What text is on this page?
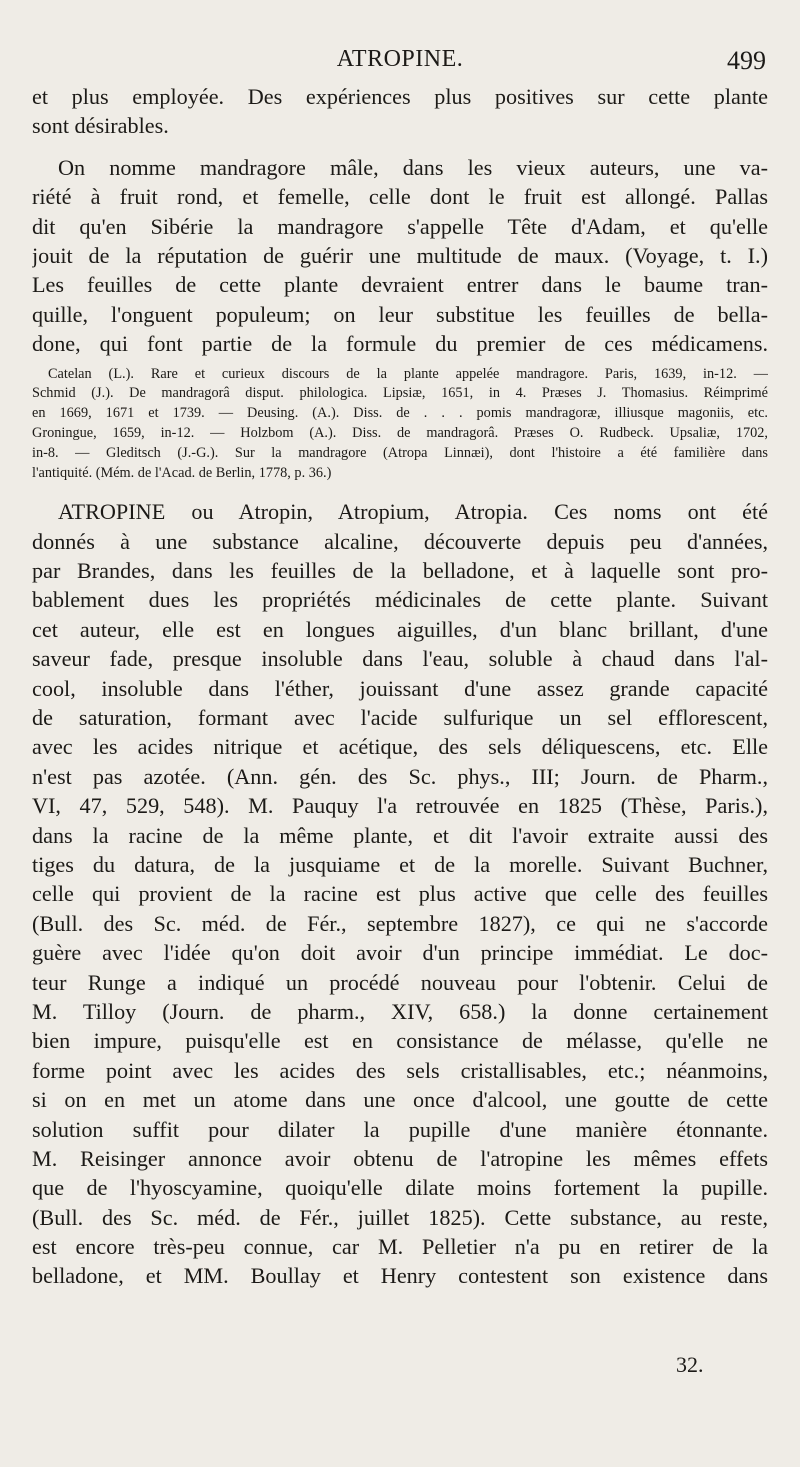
ATROPINE.	499
et plus employée. Des expériences plus positives sur cette plante
sont désirables.
On nomme mandragore mâle, dans les vieux auteurs, une va-
riété à fruit rond, et femelle, celle dont le fruit est allongé. Pallas
dit qu'en Sibérie la mandragore s'appelle Tête d'Adam, et qu'elle
jouit de la réputation de guérir une multitude de maux. (Voyage, t. I.)
Les feuilles de cette plante devraient entrer dans le baume tran-
quille, l'onguent populeum; on leur substitue les feuilles de bella-
done, qui font partie de la formule du premier de ces médicamens.
Catelan (L.). Rare et curieux discours de la plante appelée mandragore. Paris, 1639, in-12. —
Schmid (J.). De mandragorâ disput. philologica. Lipsiæ, 1651, in 4. Præses J. Thomasius. Réimprimé
en 1669, 1671 et 1739. — Deusing. (A.). Diss. de . . . pomis mandragoræ, illiusque magoniis, etc.
Groningue, 1659, in-12. — Holzbom (A.). Diss. de mandragorâ. Præses O. Rudbeck. Upsaliæ, 1702,
in-8. — Gleditsch (J.-G.). Sur la mandragore (Atropa Linnæi), dont l'histoire a été familière dans
l'antiquité. (Mém. de l'Acad. de Berlin, 1778, p. 36.)
ATROPINE ou Atropin, Atropium, Atropia. Ces noms ont été
donnés à une substance alcaline, découverte depuis peu d'années,
par Brandes, dans les feuilles de la belladone, et à laquelle sont pro-
bablement dues les propriétés médicinales de cette plante. Suivant
cet auteur, elle est en longues aiguilles, d'un blanc brillant, d'une
saveur fade, presque insoluble dans l'eau, soluble à chaud dans l'al-
cool, insoluble dans l'éther, jouissant d'une assez grande capacité
de saturation, formant avec l'acide sulfurique un sel efflorescent,
avec les acides nitrique et acétique, des sels déliquescens, etc. Elle
n'est pas azotée. (Ann. gén. des Sc. phys., III; Journ. de Pharm.,
VI, 47, 529, 548). M. Pauquy l'a retrouvée en 1825 (Thèse, Paris.),
dans la racine de la même plante, et dit l'avoir extraite aussi des
tiges du datura, de la jusquiame et de la morelle. Suivant Buchner,
celle qui provient de la racine est plus active que celle des feuilles
(Bull. des Sc. méd. de Fér., septembre 1827), ce qui ne s'accorde
guère avec l'idée qu'on doit avoir d'un principe immédiat. Le doc-
teur Runge a indiqué un procédé nouveau pour l'obtenir. Celui de
M. Tilloy (Journ. de pharm., XIV, 658.) la donne certainement
bien impure, puisqu'elle est en consistance de mélasse, qu'elle ne
forme point avec les acides des sels cristallisables, etc.; néanmoins,
si on en met un atome dans une once d'alcool, une goutte de cette
solution suffit pour dilater la pupille d'une manière étonnante.
M. Reisinger annonce avoir obtenu de l'atropine les mêmes effets
que de l'hyoscyamine, quoiqu'elle dilate moins fortement la pupille.
(Bull. des Sc. méd. de Fér., juillet 1825). Cette substance, au reste,
est encore très-peu connue, car M. Pelletier n'a pu en retirer de la
belladone, et MM. Boullay et Henry contestent son existence dans
32.
